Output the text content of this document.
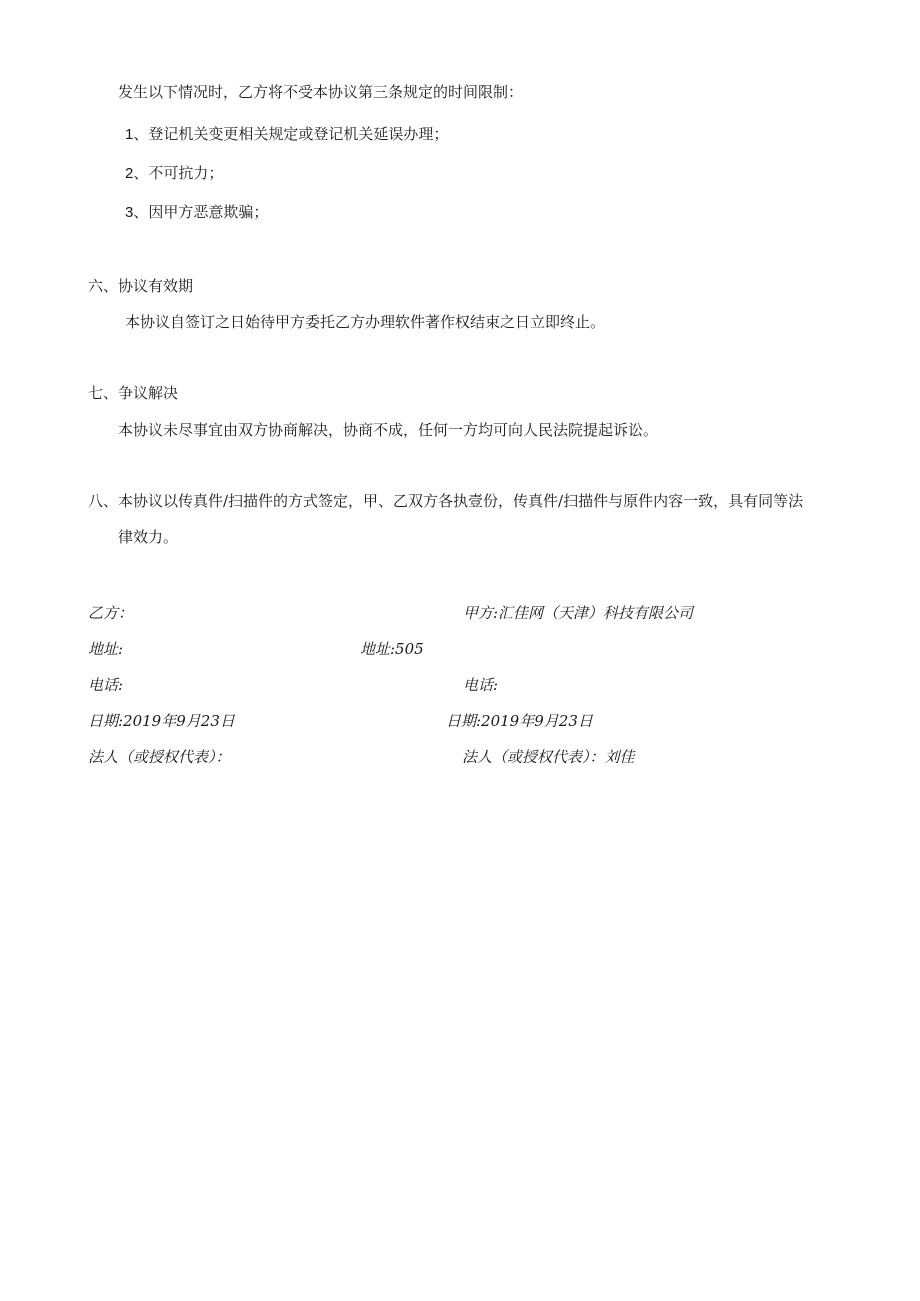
发生以下情况时，乙方将不受本协议第三条规定的时间限制：
1、登记机关变更相关规定或登记机关延误办理；
2、不可抗力；
3、因甲方恶意欺骗；
六、协议有效期
本协议自签订之日始待甲方委托乙方办理软件著作权结束之日立即终止。
七、争议解决
本协议未尽事宜由双方协商解决，协商不成，任何一方均可向人民法院提起诉讼。
八、本协议以传真件/扫描件的方式签定，甲、乙双方各执壹份，传真件/扫描件与原件内容一致，具有同等法
律效力。
乙方：	甲方:汇佳网（天津）科技有限公司
地址:	地址:505
电话:	电话:
日期:2019年9月23日	日期:2019年9月23日
法人（或授权代表）：	法人（或授权代表）：刘佳
